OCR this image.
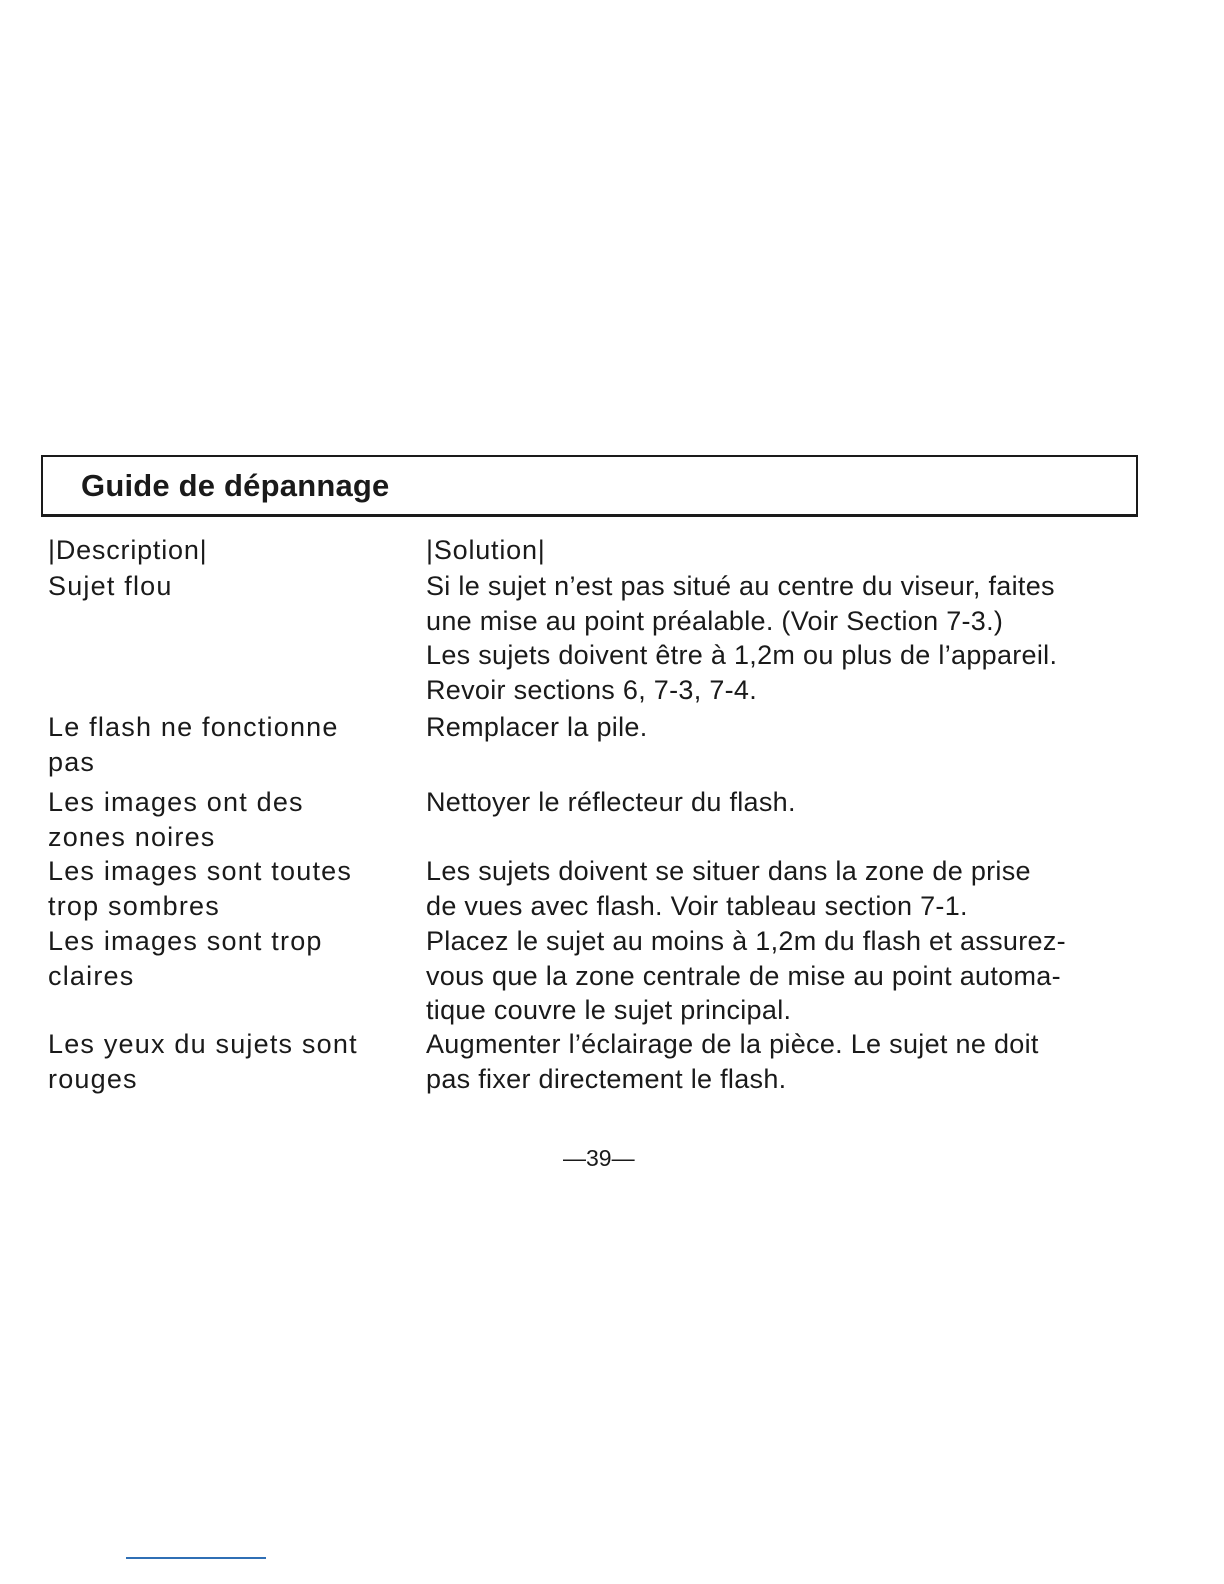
Guide de dépannage
|Description|	|Solution|
Sujet flou	Si le sujet n’est pas situé au centre du viseur, faites
une mise au point préalable. (Voir Section 7-3.)
Les sujets doivent être à 1,2m ou plus de l’appareil.
Revoir sections 6, 7-3, 7-4.
Le flash ne fonctionne
pas
Remplacer la pile.
Les images ont des
zones noires
Nettoyer le réflecteur du flash.
Les images sont toutes
trop sombres
Les sujets doivent se situer dans la zone de prise
de vues avec flash. Voir tableau section 7-1.
Les images sont trop
claires
Placez le sujet au moins à 1,2m du flash et assurez-
vous que la zone centrale de mise au point automa-
tique couvre le sujet principal.
Les yeux du sujets sont
rouges
Augmenter l’éclairage de la pièce. Le sujet ne doit
pas fixer directement le flash.
—39—
